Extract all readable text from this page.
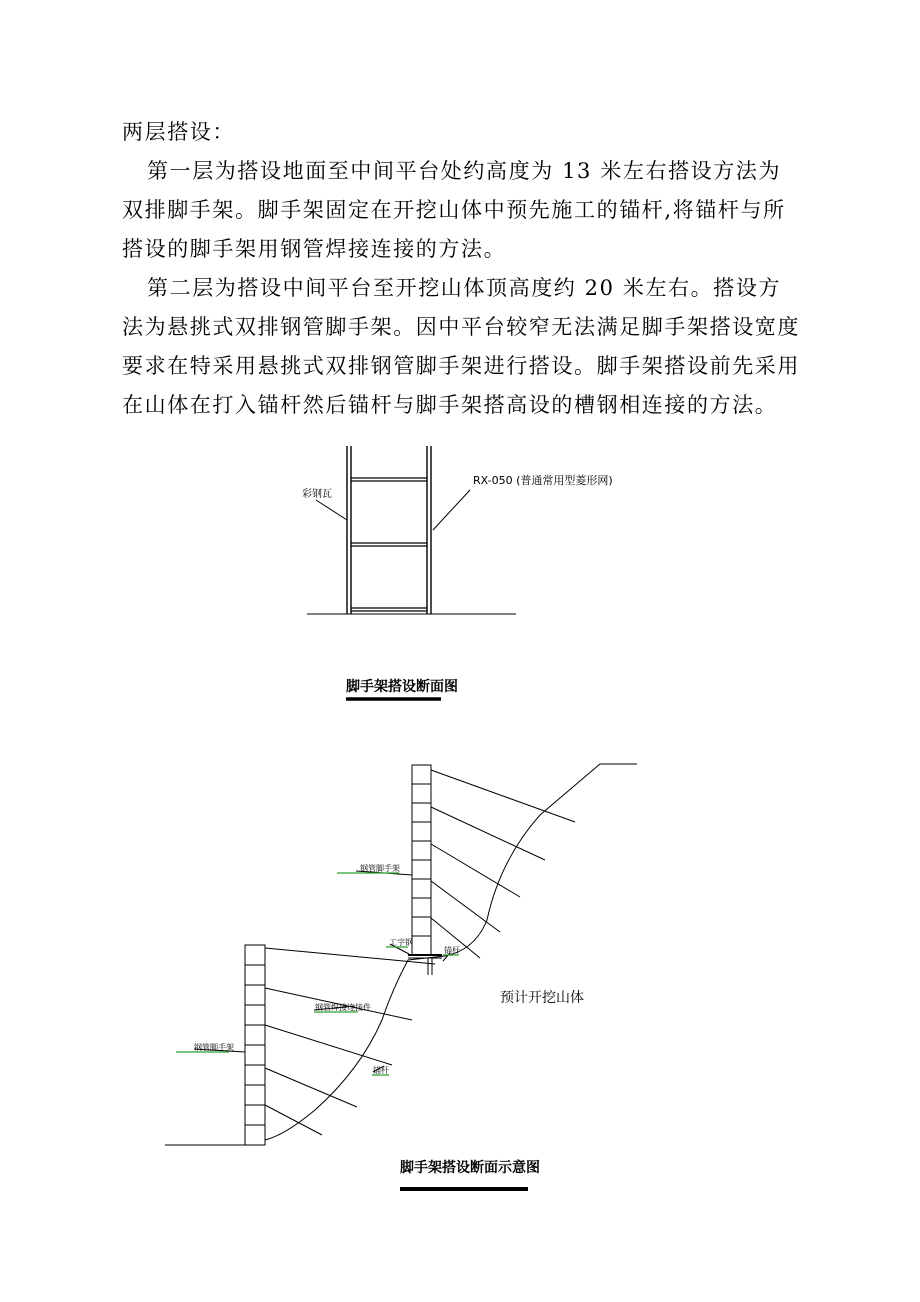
两层搭设：

第一层为搭设地面至中间平台处约高度为 13 米左右搭设方法为双排脚手架。脚手架固定在开挖山体中预先施工的锚杆,将锚杆与所搭设的脚手架用钢管焊接连接的方法。

第二层为搭设中间平台至开挖山体顶高度约 20 米左右。搭设方法为悬挑式双排钢管脚手架。因中平台较窄无法满足脚手架搭设宽度要求在特采用悬挑式双排钢管脚手架进行搭设。脚手架搭设前先采用在山体在打入锚杆然后锚杆与脚手架搭高设的槽钢相连接的方法。

彩钢瓦
RX-050 (普通常用型菱形网)
脚手架搭设断面图
钢管脚手架
工字钢
锚杆
预计开挖山体
钢管焊接连接件
钢管脚手架
锚杆
脚手架搭设断面示意图
